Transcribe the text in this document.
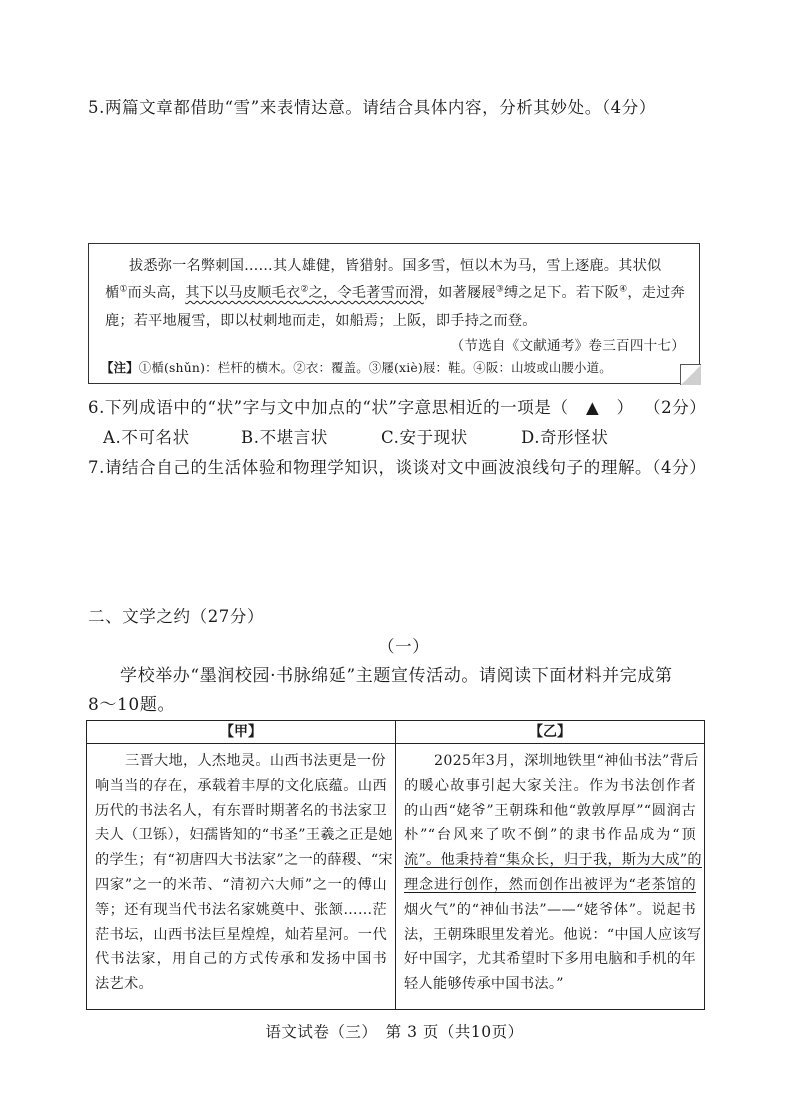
5.两篇文章都借助“雪”来表情达意。请结合具体内容，分析其妙处。（4分）
拔悉弥一名弊刺国……其人雄健，皆猎射。国多雪，恒以木为马，雪上逐鹿。其状似
楯①而头高，其下以马皮顺毛衣②之，令毛著雪而滑，如著屦屐③缚之足下。若下阪④，走过奔
鹿；若平地履雪，即以杖刺地而走，如船焉；上阪，即手持之而登。
（节选自《文献通考》卷三百四十七）
【注】①楯(shǔn)：栏杆的横木。②衣：覆盖。③屦(xiè)屐：鞋。④阪：山坡或山腰小道。
6.下列成语中的“状”字与文中加点的“状”字意思相近的一项是（ ▲ ） （2分）
A.不可名状	B.不堪言状	C.安于现状	D.奇形怪状
7.请结合自己的生活体验和物理学知识，谈谈对文中画波浪线句子的理解。（4分）
二、文学之约（27分）
（一）
学校举办“墨润校园·书脉绵延”主题宣传活动。请阅读下面材料并完成第
8～10题。
【甲】
三晋大地，人杰地灵。山西书法更是一份
响当当的存在，承载着丰厚的文化底蕴。山西
历代的书法名人，有东晋时期著名的书法家卫
夫人（卫铄），妇孺皆知的“书圣”王羲之正是她
的学生；有“初唐四大书法家”之一的薛稷、“宋
四家”之一的米芾、“清初六大师”之一的傅山
等；还有现当代书法名家姚奠中、张颔……茫
茫书坛，山西书法巨星煌煌，灿若星河。一代
代书法家，用自己的方式传承和发扬中国书
法艺术。
【乙】
2025年3月，深圳地铁里“神仙书法”背后
的暖心故事引起大家关注。作为书法创作者
的山西“姥爷”王朝珠和他“敦敦厚厚”“圆润古
朴”“台风来了吹不倒”的隶书作品成为“顶
流”。他秉持着“集众长，归于我，斯为大成”的
理念进行创作，然而创作出被评为“老茶馆的
烟火气”的“神仙书法”——“姥爷体”。说起书
法，王朝珠眼里发着光。他说：“中国人应该写
好中国字，尤其希望时下多用电脑和手机的年
轻人能够传承中国书法。”
语文试卷（三）　第 3 页（共10页）
